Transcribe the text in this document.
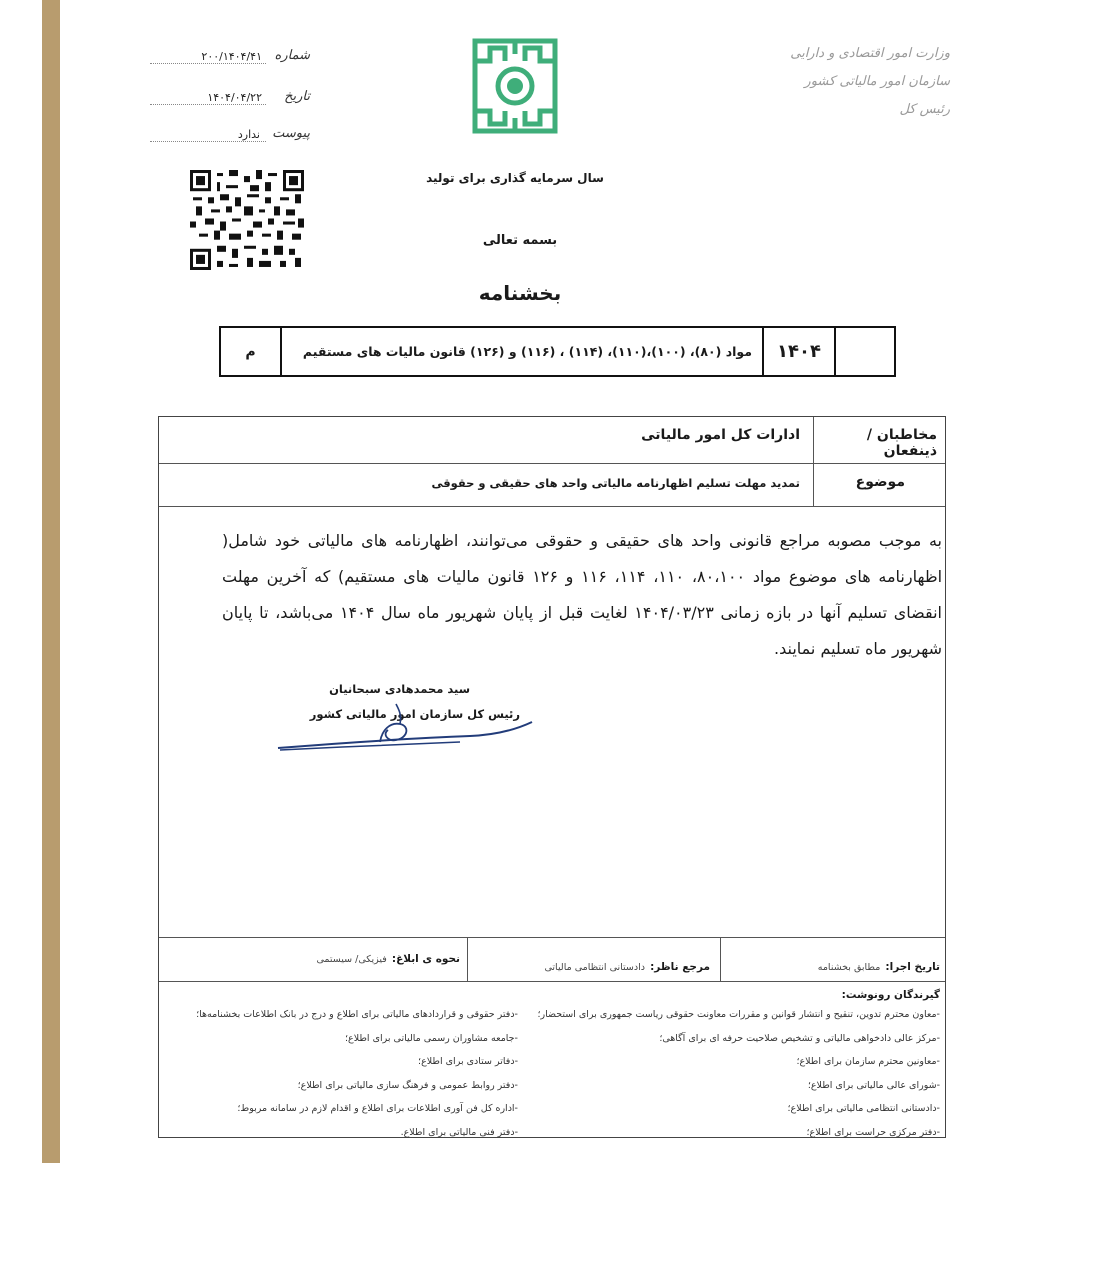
شماره
۲۰۰/۱۴۰۴/۴۱
تاریخ
۱۴۰۴/۰۴/۲۲
پیوست
ندارد
وزارت امور اقتصادی و دارایی
سازمان امور مالیاتی کشور
رئیس کل
سال سرمایه گذاری برای تولید
بسمه تعالی
بخشنامه
	۱۴۰۴	مواد (۸۰)، (۱۰۰)،(۱۱۰)، (۱۱۴) ، (۱۱۶) و (۱۲۶) قانون مالیات های مستقیم	م
مخاطبان / ذینفعان
ادارات کل امور مالیاتی
موضوع
تمدید مهلت تسلیم اظهارنامه مالیاتی واحد های حقیقی و حقوقی
به موجب مصوبه مراجع قانونی واحد های حقیقی و حقوقی می‌توانند، اظهارنامه های مالیاتی خود شامل( اظهارنامه های موضوع مواد ۸۰،۱۰۰، ۱۱۰، ۱۱۴، ۱۱۶ و ۱۲۶ قانون مالیات های مستقیم) که آخرین مهلت انقضای تسلیم آنها در بازه زمانی ۱۴۰۴/۰۳/۲۳ لغایت قبل از پایان شهریور ماه سال ۱۴۰۴ می‌باشد، تا پایان شهریور ماه تسلیم نمایند.
سید محمدهادی سبحانیان
رئیس کل سازمان امور مالیاتی کشور
تاریخ اجرا: مطابق بخشنامه
مرجع ناظر: دادستانی انتظامی مالیاتی
نحوه ی ابلاغ: فیزیکی/ سیستمی
گیرندگان رونوشت:
-معاون محترم تدوین، تنقیح و انتشار قوانین و مقررات معاونت حقوقی ریاست جمهوری برای استحضار؛
-مرکز عالی دادخواهی مالیاتی و تشخیص صلاحیت حرفه ای برای آگاهی؛
-معاونین محترم سازمان برای اطلاع؛
-شورای عالی مالیاتی برای اطلاع؛
-دادستانی انتظامی مالیاتی برای اطلاع؛
-دفتر مرکزی حراست برای اطلاع؛
-دفتر حقوقی و قراردادهای مالیاتی برای اطلاع و درج در بانک اطلاعات بخشنامه‌ها؛
-جامعه مشاوران رسمی مالیاتی برای اطلاع؛
-دفاتر ستادی برای اطلاع؛
-دفتر روابط عمومی و فرهنگ سازی مالیاتی برای اطلاع؛
-اداره کل فن آوری اطلاعات برای اطلاع و اقدام لازم در سامانه مربوط؛
-دفتر فنی مالیاتی برای اطلاع.
